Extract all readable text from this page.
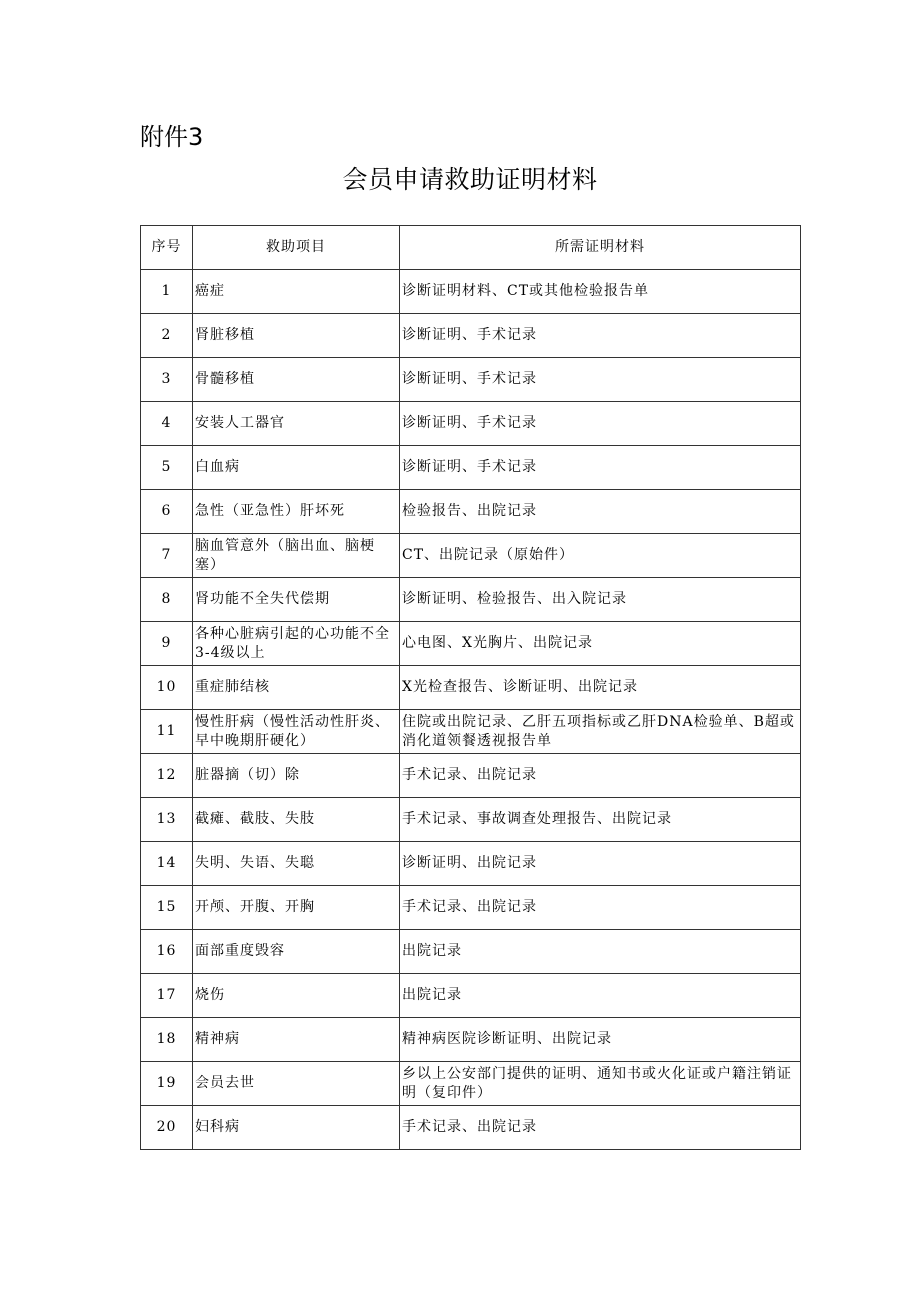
附件3
会员申请救助证明材料
序号	救助项目	所需证明材料
1	癌症	诊断证明材料、CT或其他检验报告单
2	肾脏移植	诊断证明、手术记录
3	骨髓移植	诊断证明、手术记录
4	安装人工器官	诊断证明、手术记录
5	白血病	诊断证明、手术记录
6	急性（亚急性）肝坏死	检验报告、出院记录
7	脑血管意外（脑出血、脑梗塞）	CT、出院记录（原始件）
8	肾功能不全失代偿期	诊断证明、检验报告、出入院记录
9	各种心脏病引起的心功能不全3-4级以上	心电图、X光胸片、出院记录
10	重症肺结核	X光检查报告、诊断证明、出院记录
11	慢性肝病（慢性活动性肝炎、早中晚期肝硬化）	住院或出院记录、乙肝五项指标或乙肝DNA检验单、B超或消化道领餐透视报告单
12	脏器摘（切）除	手术记录、出院记录
13	截瘫、截肢、失肢	手术记录、事故调查处理报告、出院记录
14	失明、失语、失聪	诊断证明、出院记录
15	开颅、开腹、开胸	手术记录、出院记录
16	面部重度毁容	出院记录
17	烧伤	出院记录
18	精神病	精神病医院诊断证明、出院记录
19	会员去世	乡以上公安部门提供的证明、通知书或火化证或户籍注销证明（复印件）
20	妇科病	手术记录、出院记录
